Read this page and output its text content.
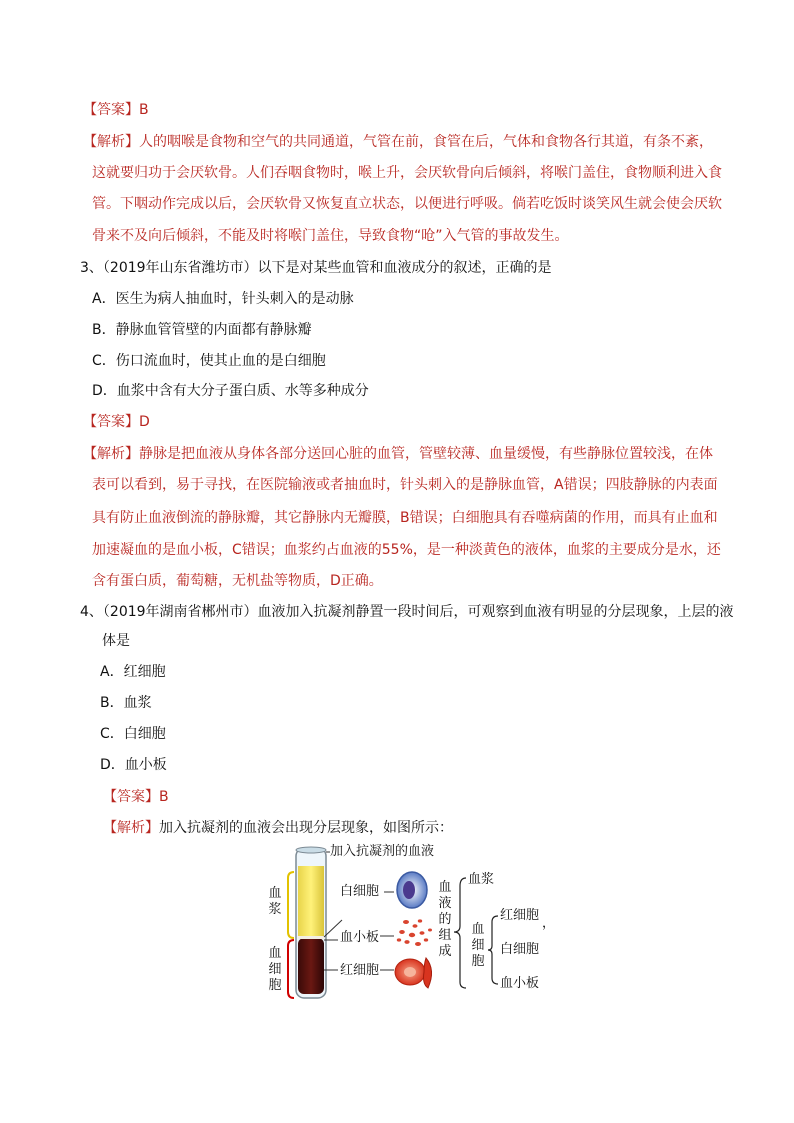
【答案】B
【解析】人的咽喉是食物和空气的共同通道，气管在前，食管在后，气体和食物各行其道，有条不紊，
这就要归功于会厌软骨。人们吞咽食物时，喉上升，会厌软骨向后倾斜，将喉门盖住，食物顺利进入食
管。下咽动作完成以后，会厌软骨又恢复直立状态，以便进行呼吸。倘若吃饭时谈笑风生就会使会厌软
骨来不及向后倾斜，不能及时将喉门盖住，导致食物“呛”入气管的事故发生。
3、（2019年山东省潍坊市）以下是对某些血管和血液成分的叙述，正确的是
A．医生为病人抽血时，针头刺入的是动脉
B．静脉血管管壁的内面都有静脉瓣
C．伤口流血时，使其止血的是白细胞
D．血浆中含有大分子蛋白质、水等多种成分
【答案】D
【解析】静脉是把血液从身体各部分送回心脏的血管，管壁较薄、血量缓慢，有些静脉位置较浅，在体
表可以看到，易于寻找，在医院输液或者抽血时，针头刺入的是静脉血管，A错误；四肢静脉的内表面
具有防止血液倒流的静脉瓣，其它静脉内无瓣膜，B错误；白细胞具有吞噬病菌的作用，而具有止血和
加速凝血的是血小板，C错误；血浆约占血液的55%，是一种淡黄色的液体，血浆的主要成分是水，还
含有蛋白质，葡萄糖，无机盐等物质，D正确。
4、（2019年湖南省郴州市）血液加入抗凝剂静置一段时间后，可观察到血液有明显的分层现象，上层的液
体是
A．红细胞
B．血浆
C．白细胞
D．血小板
【答案】B
【解析】加入抗凝剂的血液会出现分层现象，如图所示：
加入抗凝剂的血液
血浆
血细胞
白细胞
血小板
红细胞
血液的组成
血浆
血细胞
红细胞
，
白细胞
血小板
